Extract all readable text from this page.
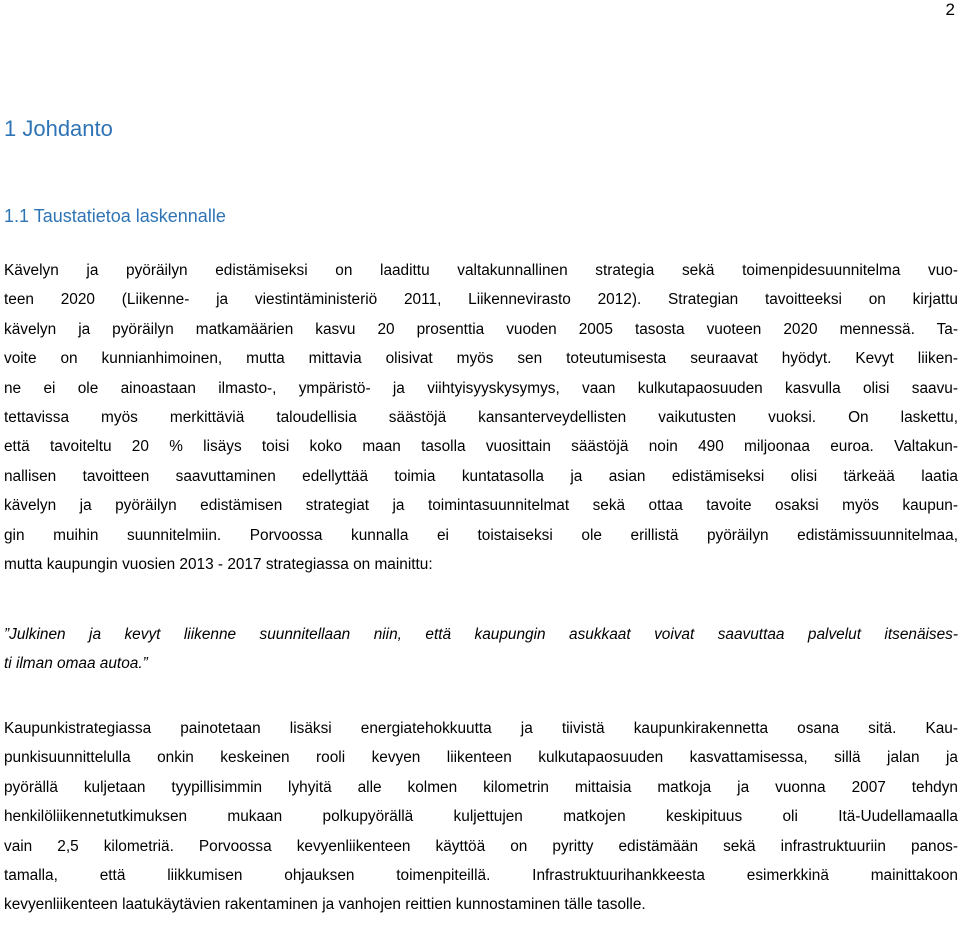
2
1 Johdanto
1.1 Taustatietoa laskennalle
Kävelyn ja pyöräilyn edistämiseksi on laadittu valtakunnallinen strategia sekä toimenpidesuunnitelma vuo-
teen 2020 (Liikenne- ja viestintäministeriö 2011, Liikennevirasto 2012). Strategian tavoitteeksi on kirjattu
kävelyn ja pyöräilyn matkamäärien kasvu 20 prosenttia vuoden 2005 tasosta vuoteen 2020 mennessä. Ta-
voite on kunnianhimoinen, mutta mittavia olisivat myös sen toteutumisesta seuraavat hyödyt. Kevyt liiken-
ne ei ole ainoastaan ilmasto-, ympäristö- ja viihtyisyyskysymys, vaan kulkutapaosuuden kasvulla olisi saavu-
tettavissa myös merkittäviä taloudellisia säästöjä kansanterveydellisten vaikutusten vuoksi. On laskettu,
että tavoiteltu 20 % lisäys toisi koko maan tasolla vuosittain säästöjä noin 490 miljoonaa euroa. Valtakun-
nallisen tavoitteen saavuttaminen edellyttää toimia kuntatasolla ja asian edistämiseksi olisi tärkeää laatia
kävelyn ja pyöräilyn edistämisen strategiat ja toimintasuunnitelmat sekä ottaa tavoite osaksi myös kaupun-
gin muihin suunnitelmiin. Porvoossa kunnalla ei toistaiseksi ole erillistä pyöräilyn edistämissuunnitelmaa,
mutta kaupungin vuosien 2013 - 2017 strategiassa on mainittu:
”Julkinen ja kevyt liikenne suunnitellaan niin, että kaupungin asukkaat voivat saavuttaa palvelut itsenäises-
ti ilman omaa autoa.”
Kaupunkistrategiassa painotetaan lisäksi energiatehokkuutta ja tiivistä kaupunkirakennetta osana sitä. Kau-
punkisuunnittelulla onkin keskeinen rooli kevyen liikenteen kulkutapaosuuden kasvattamisessa, sillä jalan ja
pyörällä kuljetaan tyypillisimmin lyhyitä alle kolmen kilometrin mittaisia matkoja ja vuonna 2007 tehdyn
henkilöliikennetutkimuksen mukaan polkupyörällä kuljettujen matkojen keskipituus oli Itä-Uudellamaalla
vain 2,5 kilometriä. Porvoossa kevyenliikenteen käyttöä on pyritty edistämään sekä infrastruktuuriin panos-
tamalla, että liikkumisen ohjauksen toimenpiteillä. Infrastruktuurihankkeesta esimerkkinä mainittakoon
kevyenliikenteen laatukäytävien rakentaminen ja vanhojen reittien kunnostaminen tälle tasolle.
